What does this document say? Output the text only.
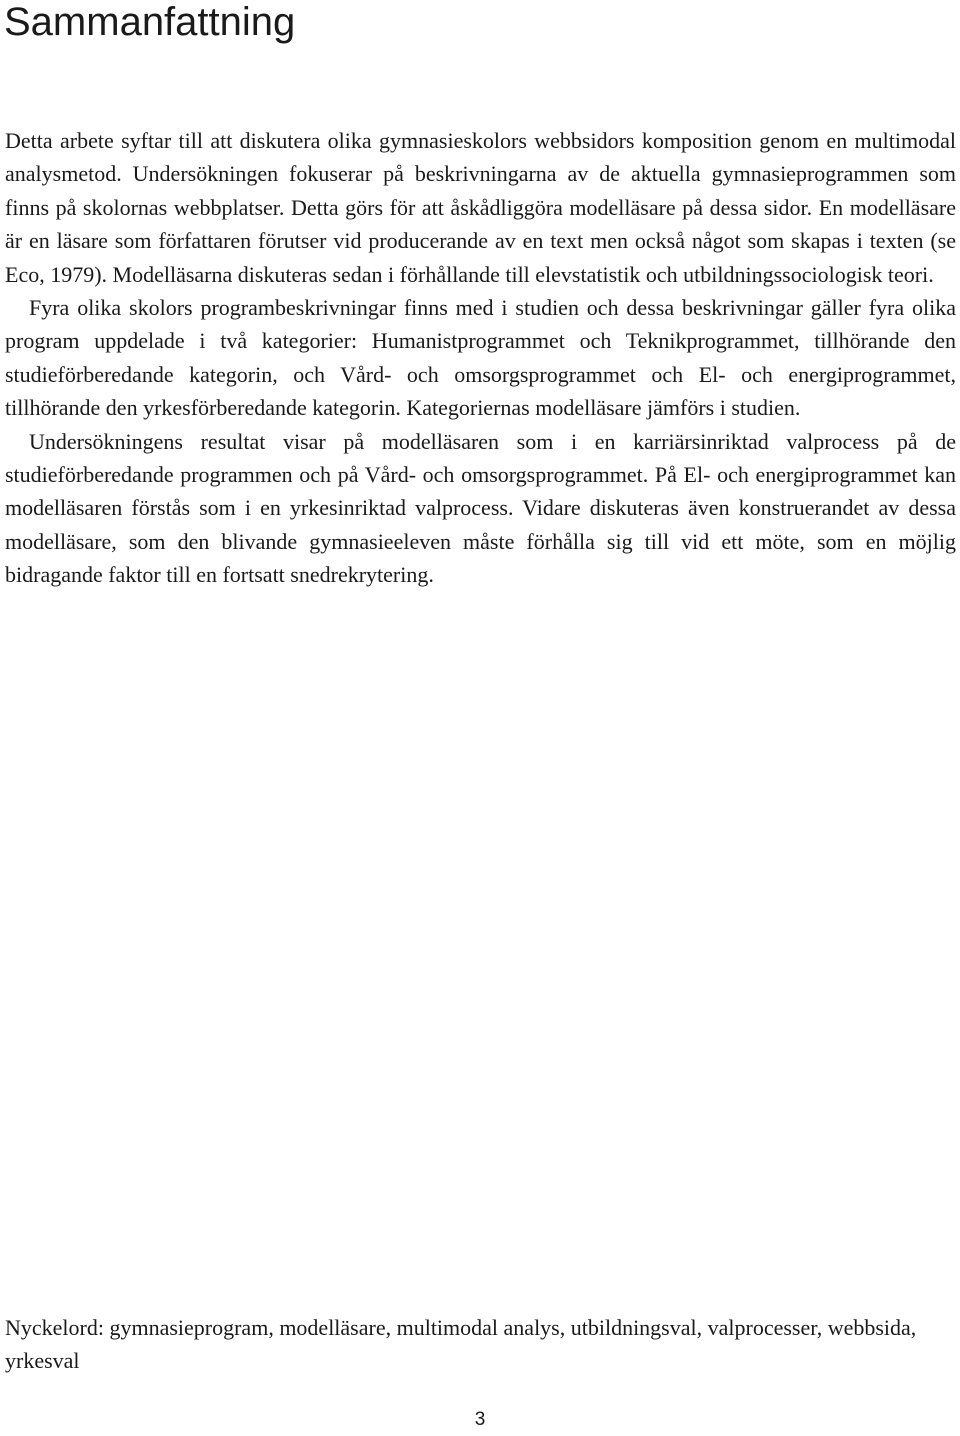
Sammanfattning

Detta arbete syftar till att diskutera olika gymnasieskolors webbsidors komposition genom en multimodal analysmetod. Undersökningen fokuserar på beskrivningarna av de aktuella gymnasieprogrammen som finns på skolornas webbplatser. Detta görs för att åskådliggöra modelläsare på dessa sidor. En modelläsare är en läsare som författaren förutser vid producerande av en text men också något som skapas i texten (se Eco, 1979). Modelläsarna diskuteras sedan i förhållande till elevstatistik och utbildningssociologisk teori.

Fyra olika skolors programbeskrivningar finns med i studien och dessa beskrivningar gäller fyra olika program uppdelade i två kategorier: Humanistprogrammet och Teknikprogrammet, tillhörande den studieförberedande kategorin, och Vård- och omsorgsprogrammet och El- och energiprogrammet, tillhörande den yrkesförberedande kategorin. Kategoriernas modelläsare jämförs i studien.

Undersökningens resultat visar på modelläsaren som i en karriärsinriktad valprocess på de studieförberedande programmen och på Vård- och omsorgsprogrammet. På El- och energiprogrammet kan modelläsaren förstås som i en yrkesinriktad valprocess. Vidare diskuteras även konstruerandet av dessa modelläsare, som den blivande gymnasieeleven måste förhålla sig till vid ett möte, som en möjlig bidragande faktor till en fortsatt snedrekrytering.

Nyckelord: gymnasieprogram, modelläsare, multimodal analys, utbildningsval, valprocesser, webbsida, yrkesval

3
